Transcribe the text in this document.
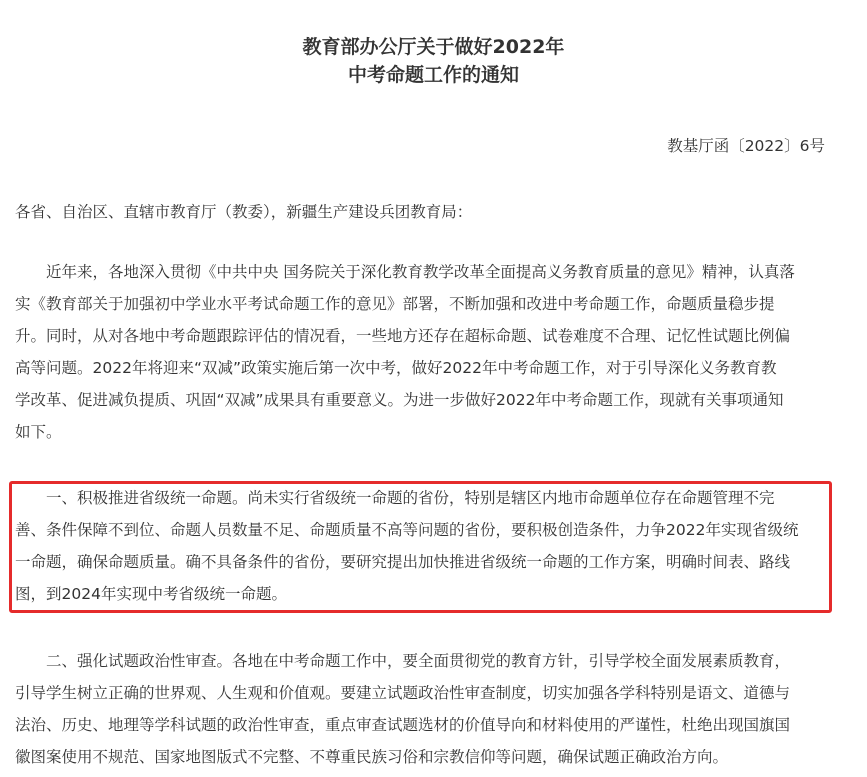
教育部办公厅关于做好2022年
中考命题工作的通知
教基厅函〔2022〕6号
各省、自治区、直辖市教育厅（教委），新疆生产建设兵团教育局：
近年来，各地深入贯彻《中共中央 国务院关于深化教育教学改革全面提高义务教育质量的意见》精神，认真落
实《教育部关于加强初中学业水平考试命题工作的意见》部署，不断加强和改进中考命题工作，命题质量稳步提
升。同时，从对各地中考命题跟踪评估的情况看，一些地方还存在超标命题、试卷难度不合理、记忆性试题比例偏
高等问题。2022年将迎来“双减”政策实施后第一次中考，做好2022年中考命题工作，对于引导深化义务教育教
学改革、促进减负提质、巩固“双减”成果具有重要意义。为进一步做好2022年中考命题工作，现就有关事项通知
如下。
一、积极推进省级统一命题。尚未实行省级统一命题的省份，特别是辖区内地市命题单位存在命题管理不完
善、条件保障不到位、命题人员数量不足、命题质量不高等问题的省份，要积极创造条件，力争2022年实现省级统
一命题，确保命题质量。确不具备条件的省份，要研究提出加快推进省级统一命题的工作方案，明确时间表、路线
图，到2024年实现中考省级统一命题。
二、强化试题政治性审查。各地在中考命题工作中，要全面贯彻党的教育方针，引导学校全面发展素质教育，
引导学生树立正确的世界观、人生观和价值观。要建立试题政治性审查制度，切实加强各学科特别是语文、道德与
法治、历史、地理等学科试题的政治性审查，重点审查试题选材的价值导向和材料使用的严谨性，杜绝出现国旗国
徽图案使用不规范、国家地图版式不完整、不尊重民族习俗和宗教信仰等问题，确保试题正确政治方向。
